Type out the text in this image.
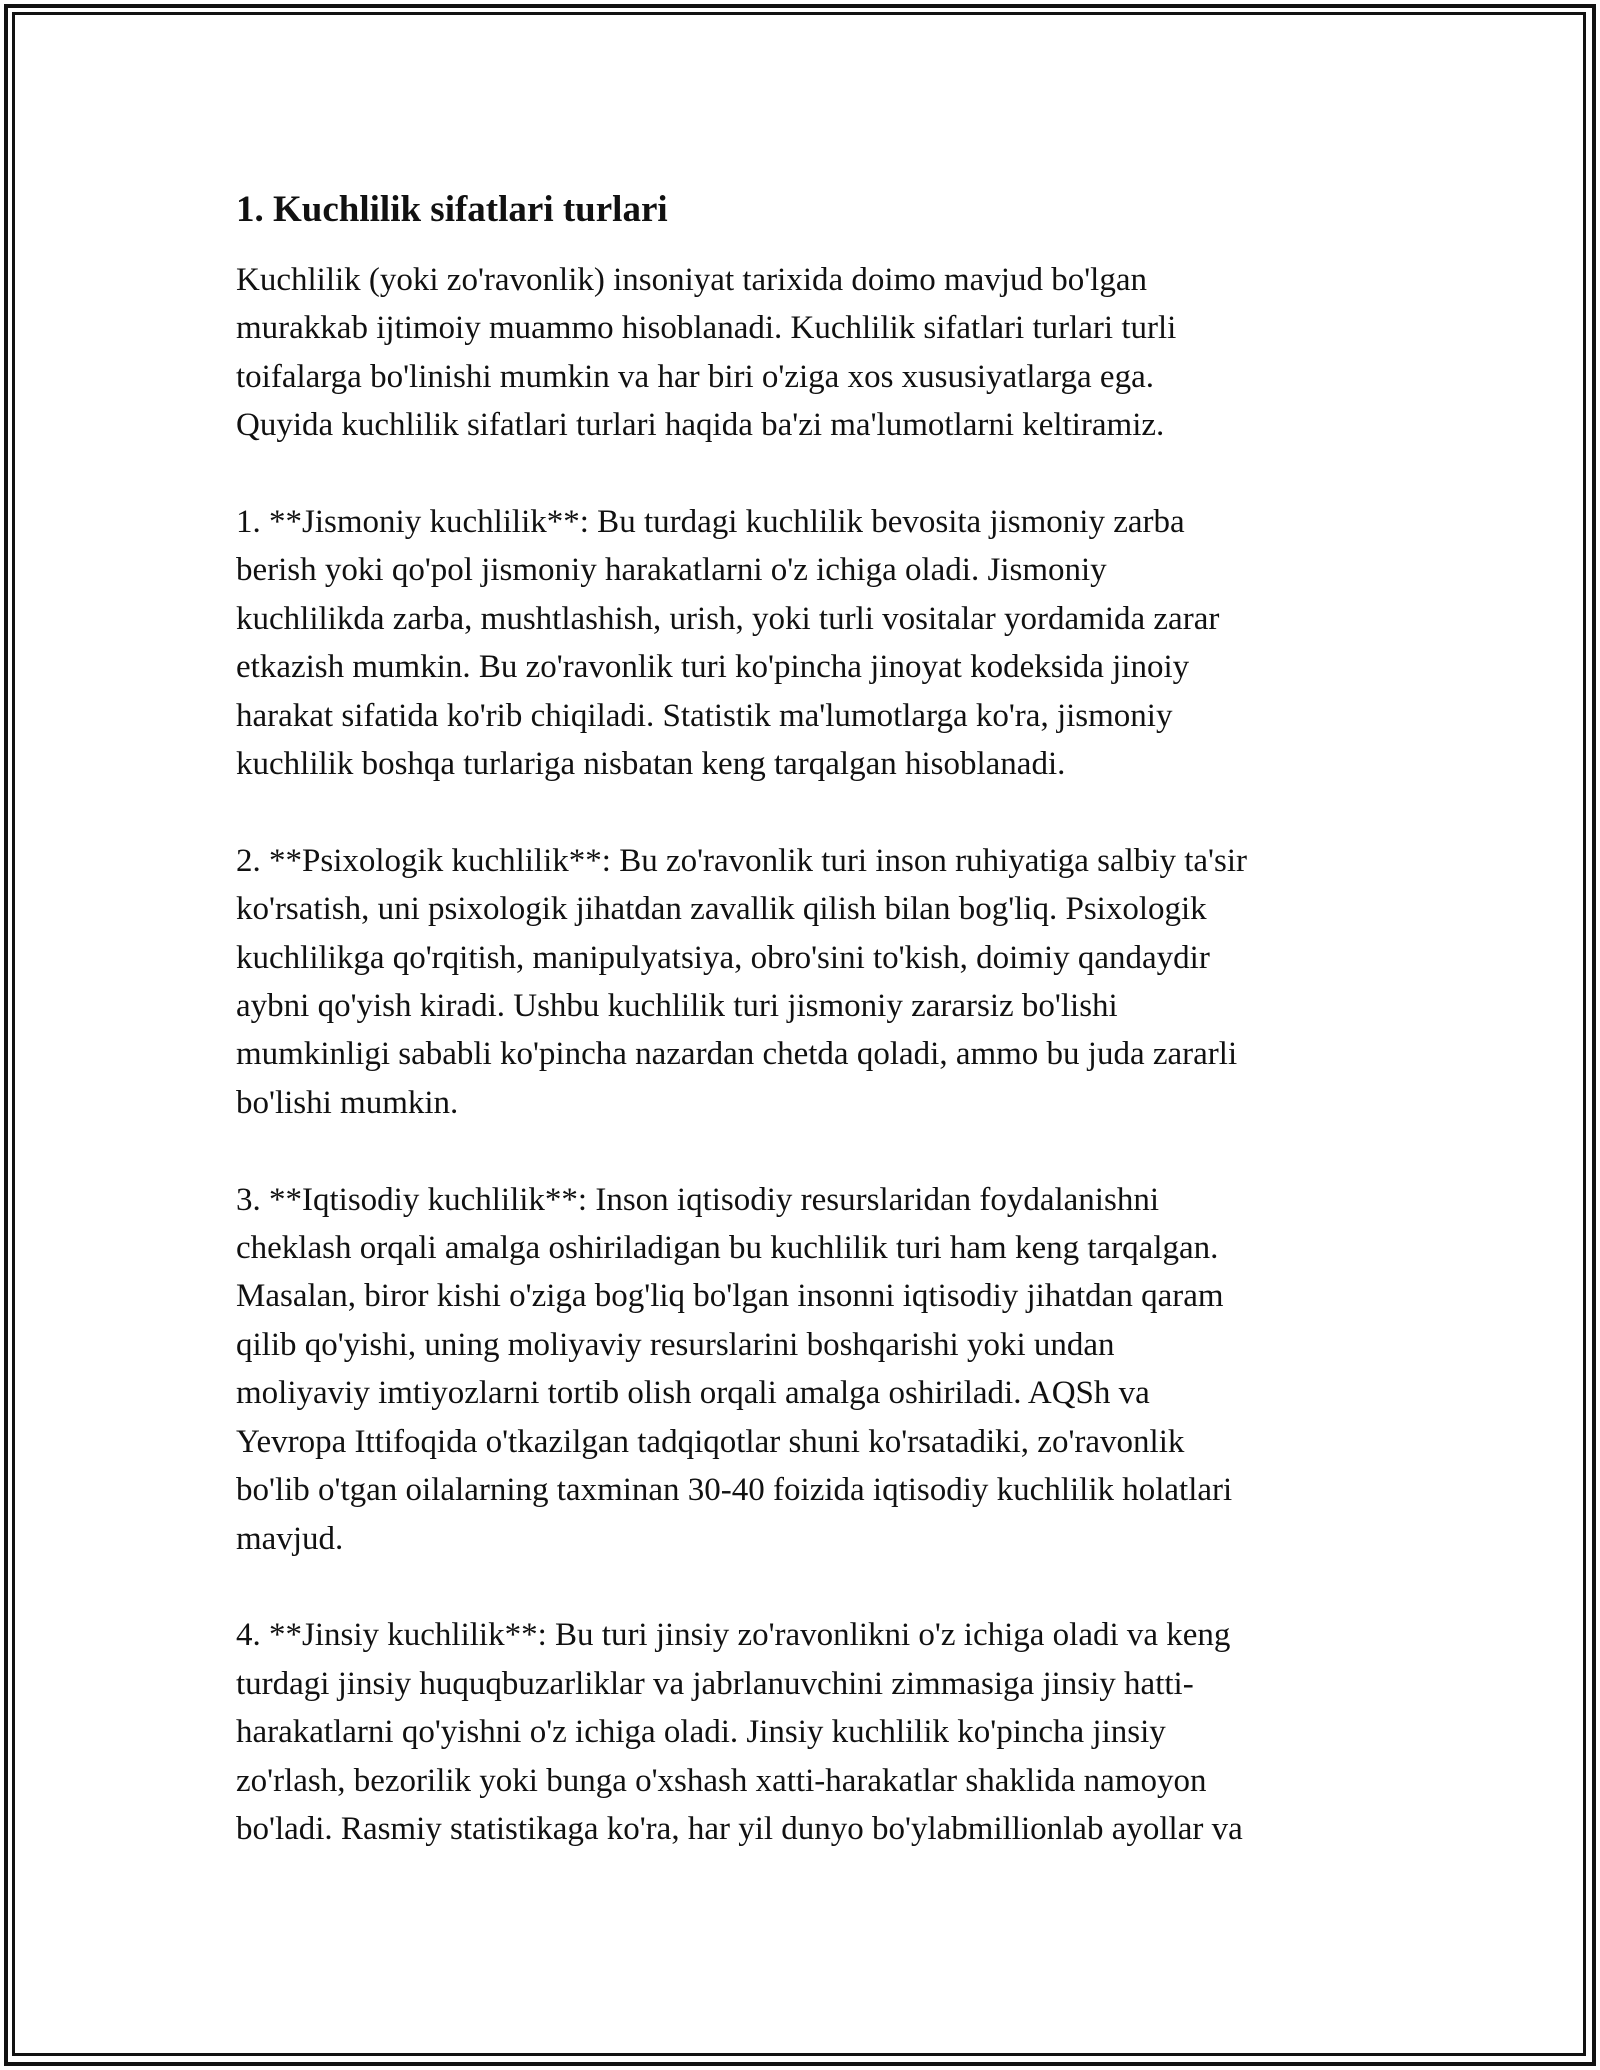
1. Kuchlilik sifatlari turlari

Kuchlilik (yoki zo'ravonlik) insoniyat tarixida doimo mavjud bo'lgan
murakkab ijtimoiy muammo hisoblanadi. Kuchlilik sifatlari turlari turli
toifalarga bo'linishi mumkin va har biri o'ziga xos xususiyatlarga ega.
Quyida kuchlilik sifatlari turlari haqida ba'zi ma'lumotlarni keltiramiz.

1. **Jismoniy kuchlilik**: Bu turdagi kuchlilik bevosita jismoniy zarba
berish yoki qo'pol jismoniy harakatlarni o'z ichiga oladi. Jismoniy
kuchlilikda zarba, mushtlashish, urish, yoki turli vositalar yordamida zarar
etkazish mumkin. Bu zo'ravonlik turi ko'pincha jinoyat kodeksida jinoiy
harakat sifatida ko'rib chiqiladi. Statistik ma'lumotlarga ko'ra, jismoniy
kuchlilik boshqa turlariga nisbatan keng tarqalgan hisoblanadi.

2. **Psixologik kuchlilik**: Bu zo'ravonlik turi inson ruhiyatiga salbiy ta'sir
ko'rsatish, uni psixologik jihatdan zavallik qilish bilan bog'liq. Psixologik
kuchlilikga qo'rqitish, manipulyatsiya, obro'sini to'kish, doimiy qandaydir
aybni qo'yish kiradi. Ushbu kuchlilik turi jismoniy zararsiz bo'lishi
mumkinligi sababli ko'pincha nazardan chetda qoladi, ammo bu juda zararli
bo'lishi mumkin.

3. **Iqtisodiy kuchlilik**: Inson iqtisodiy resurslaridan foydalanishni
cheklash orqali amalga oshiriladigan bu kuchlilik turi ham keng tarqalgan.
Masalan, biror kishi o'ziga bog'liq bo'lgan insonni iqtisodiy jihatdan qaram
qilib qo'yishi, uning moliyaviy resurslarini boshqarishi yoki undan
moliyaviy imtiyozlarni tortib olish orqali amalga oshiriladi. AQSh va
Yevropa Ittifoqida o'tkazilgan tadqiqotlar shuni ko'rsatadiki, zo'ravonlik
bo'lib o'tgan oilalarning taxminan 30-40 foizida iqtisodiy kuchlilik holatlari
mavjud.

4. **Jinsiy kuchlilik**: Bu turi jinsiy zo'ravonlikni o'z ichiga oladi va keng
turdagi jinsiy huquqbuzarliklar va jabrlanuvchini zimmasiga jinsiy hatti-
harakatlarni qo'yishni o'z ichiga oladi. Jinsiy kuchlilik ko'pincha jinsiy
zo'rlash, bezorilik yoki bunga o'xshash xatti-harakatlar shaklida namoyon
bo'ladi. Rasmiy statistikaga ko'ra, har yil dunyo bo'ylabmillionlab ayollar va
